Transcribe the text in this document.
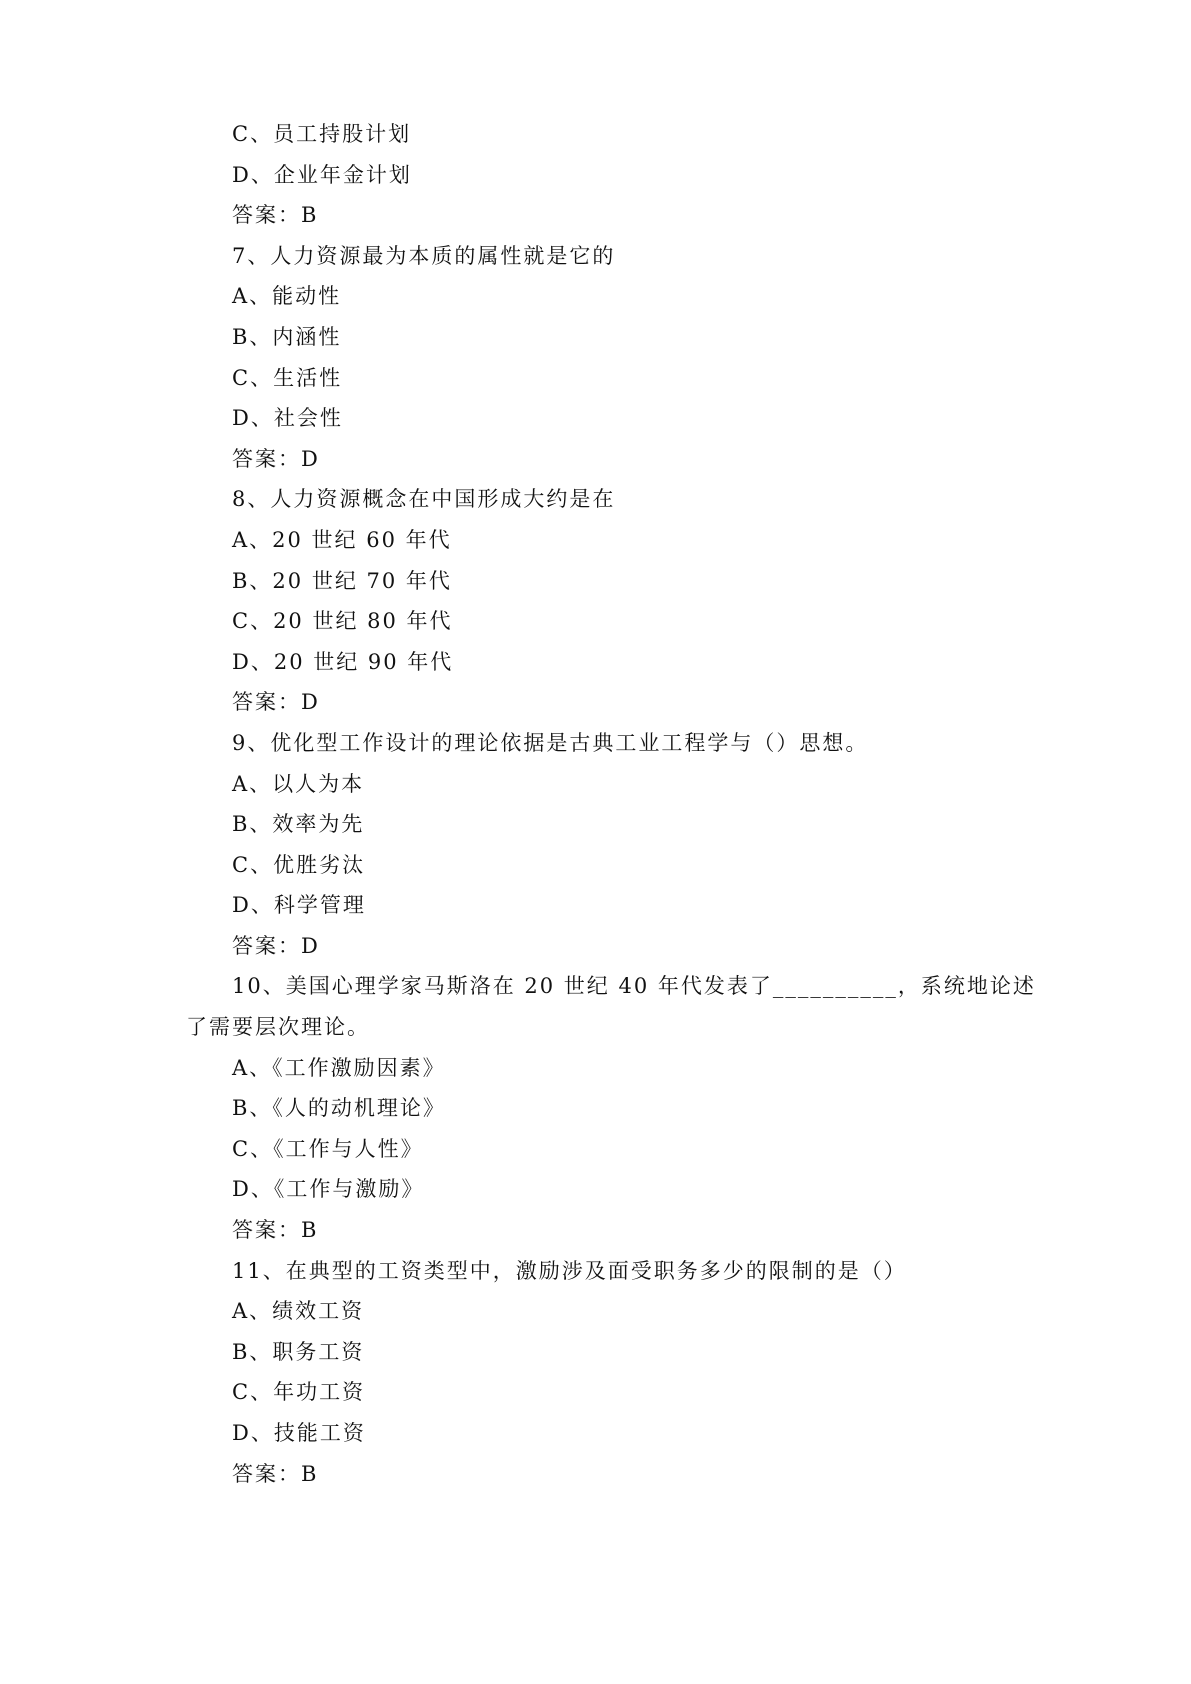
C、员工持股计划
D、企业年金计划
答案：B
7、人力资源最为本质的属性就是它的
A、能动性
B、内涵性
C、生活性
D、社会性
答案：D
8、人力资源概念在中国形成大约是在
A、20 世纪 60 年代
B、20 世纪 70 年代
C、20 世纪 80 年代
D、20 世纪 90 年代
答案：D
9、优化型工作设计的理论依据是古典工业工程学与（）思想。
A、以人为本
B、效率为先
C、优胜劣汰
D、科学管理
答案：D
10、美国心理学家马斯洛在 20 世纪 40 年代发表了__________，系统地论述
了需要层次理论。
A、《工作激励因素》
B、《人的动机理论》
C、《工作与人性》
D、《工作与激励》
答案：B
11、在典型的工资类型中，激励涉及面受职务多少的限制的是（）
A、绩效工资
B、职务工资
C、年功工资
D、技能工资
答案：B
